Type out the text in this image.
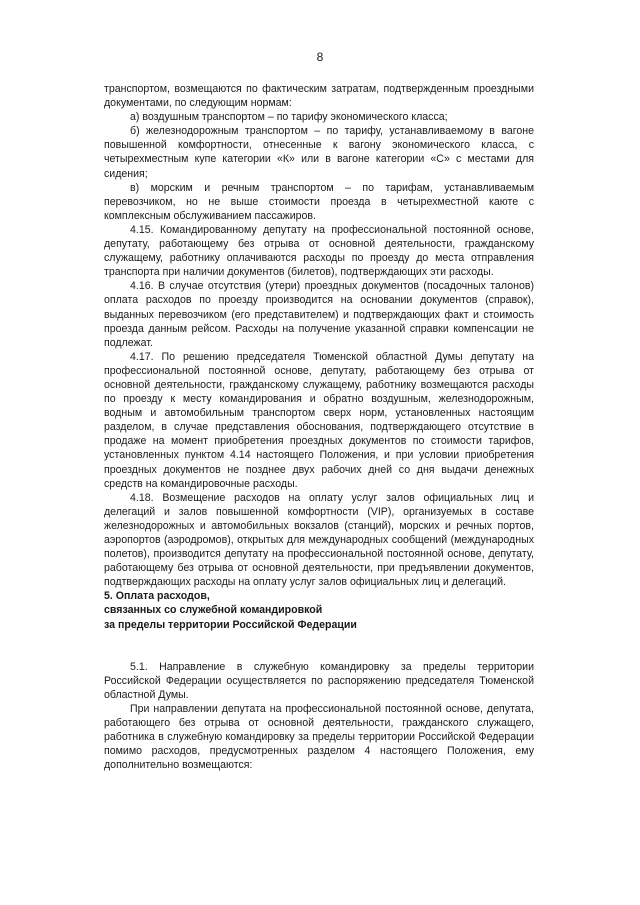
8

транспортом, возмещаются по фактическим затратам, подтвержденным проездными документами, по следующим нормам:

а) воздушным транспортом – по тарифу экономического класса;

б) железнодорожным транспортом – по тарифу, устанавливаемому в вагоне повышенной комфортности, отнесенные к вагону экономического класса, с четырехместным купе категории «К» или в вагоне категории «С» с местами для сидения;

в) морским и речным транспортом – по тарифам, устанавливаемым перевозчиком, но не выше стоимости проезда в четырехместной каюте с комплексным обслуживанием пассажиров.

4.15. Командированному депутату на профессиональной постоянной основе, депутату, работающему без отрыва от основной деятельности, гражданскому служащему, работнику оплачиваются расходы по проезду до места отправления транспорта при наличии документов (билетов), подтверждающих эти расходы.

4.16. В случае отсутствия (утери) проездных документов (посадочных талонов) оплата расходов по проезду производится на основании документов (справок), выданных перевозчиком (его представителем) и подтверждающих факт и стоимость проезда данным рейсом. Расходы на получение указанной справки компенсации не подлежат.

4.17. По решению председателя Тюменской областной Думы депутату на профессиональной постоянной основе, депутату, работающему без отрыва от основной деятельности, гражданскому служащему, работнику возмещаются расходы по проезду к месту командирования и обратно воздушным, железнодорожным, водным и автомобильным транспортом сверх норм, установленных настоящим разделом, в случае представления обоснования, подтверждающего отсутствие в продаже на момент приобретения проездных документов по стоимости тарифов, установленных пунктом 4.14 настоящего Положения, и при условии приобретения проездных документов не позднее двух рабочих дней со дня выдачи денежных средств на командировочные расходы.

4.18. Возмещение расходов на оплату услуг залов официальных лиц и делегаций и залов повышенной комфортности (VIP), организуемых в составе железнодорожных и автомобильных вокзалов (станций), морских и речных портов, аэропортов (аэродромов), открытых для международных сообщений (международных полетов), производится депутату на профессиональной постоянной основе, депутату, работающему без отрыва от основной деятельности, при предъявлении документов, подтверждающих расходы на оплату услуг залов официальных лиц и делегаций.

5. Оплата расходов,

связанных со служебной командировкой

за пределы территории Российской Федерации

5.1. Направление в служебную командировку за пределы территории Российской Федерации осуществляется по распоряжению председателя Тюменской областной Думы.

При направлении депутата на профессиональной постоянной основе, депутата, работающего без отрыва от основной деятельности, гражданского служащего, работника в служебную командировку за пределы территории Российской Федерации помимо расходов, предусмотренных разделом 4 настоящего Положения, ему дополнительно возмещаются:
